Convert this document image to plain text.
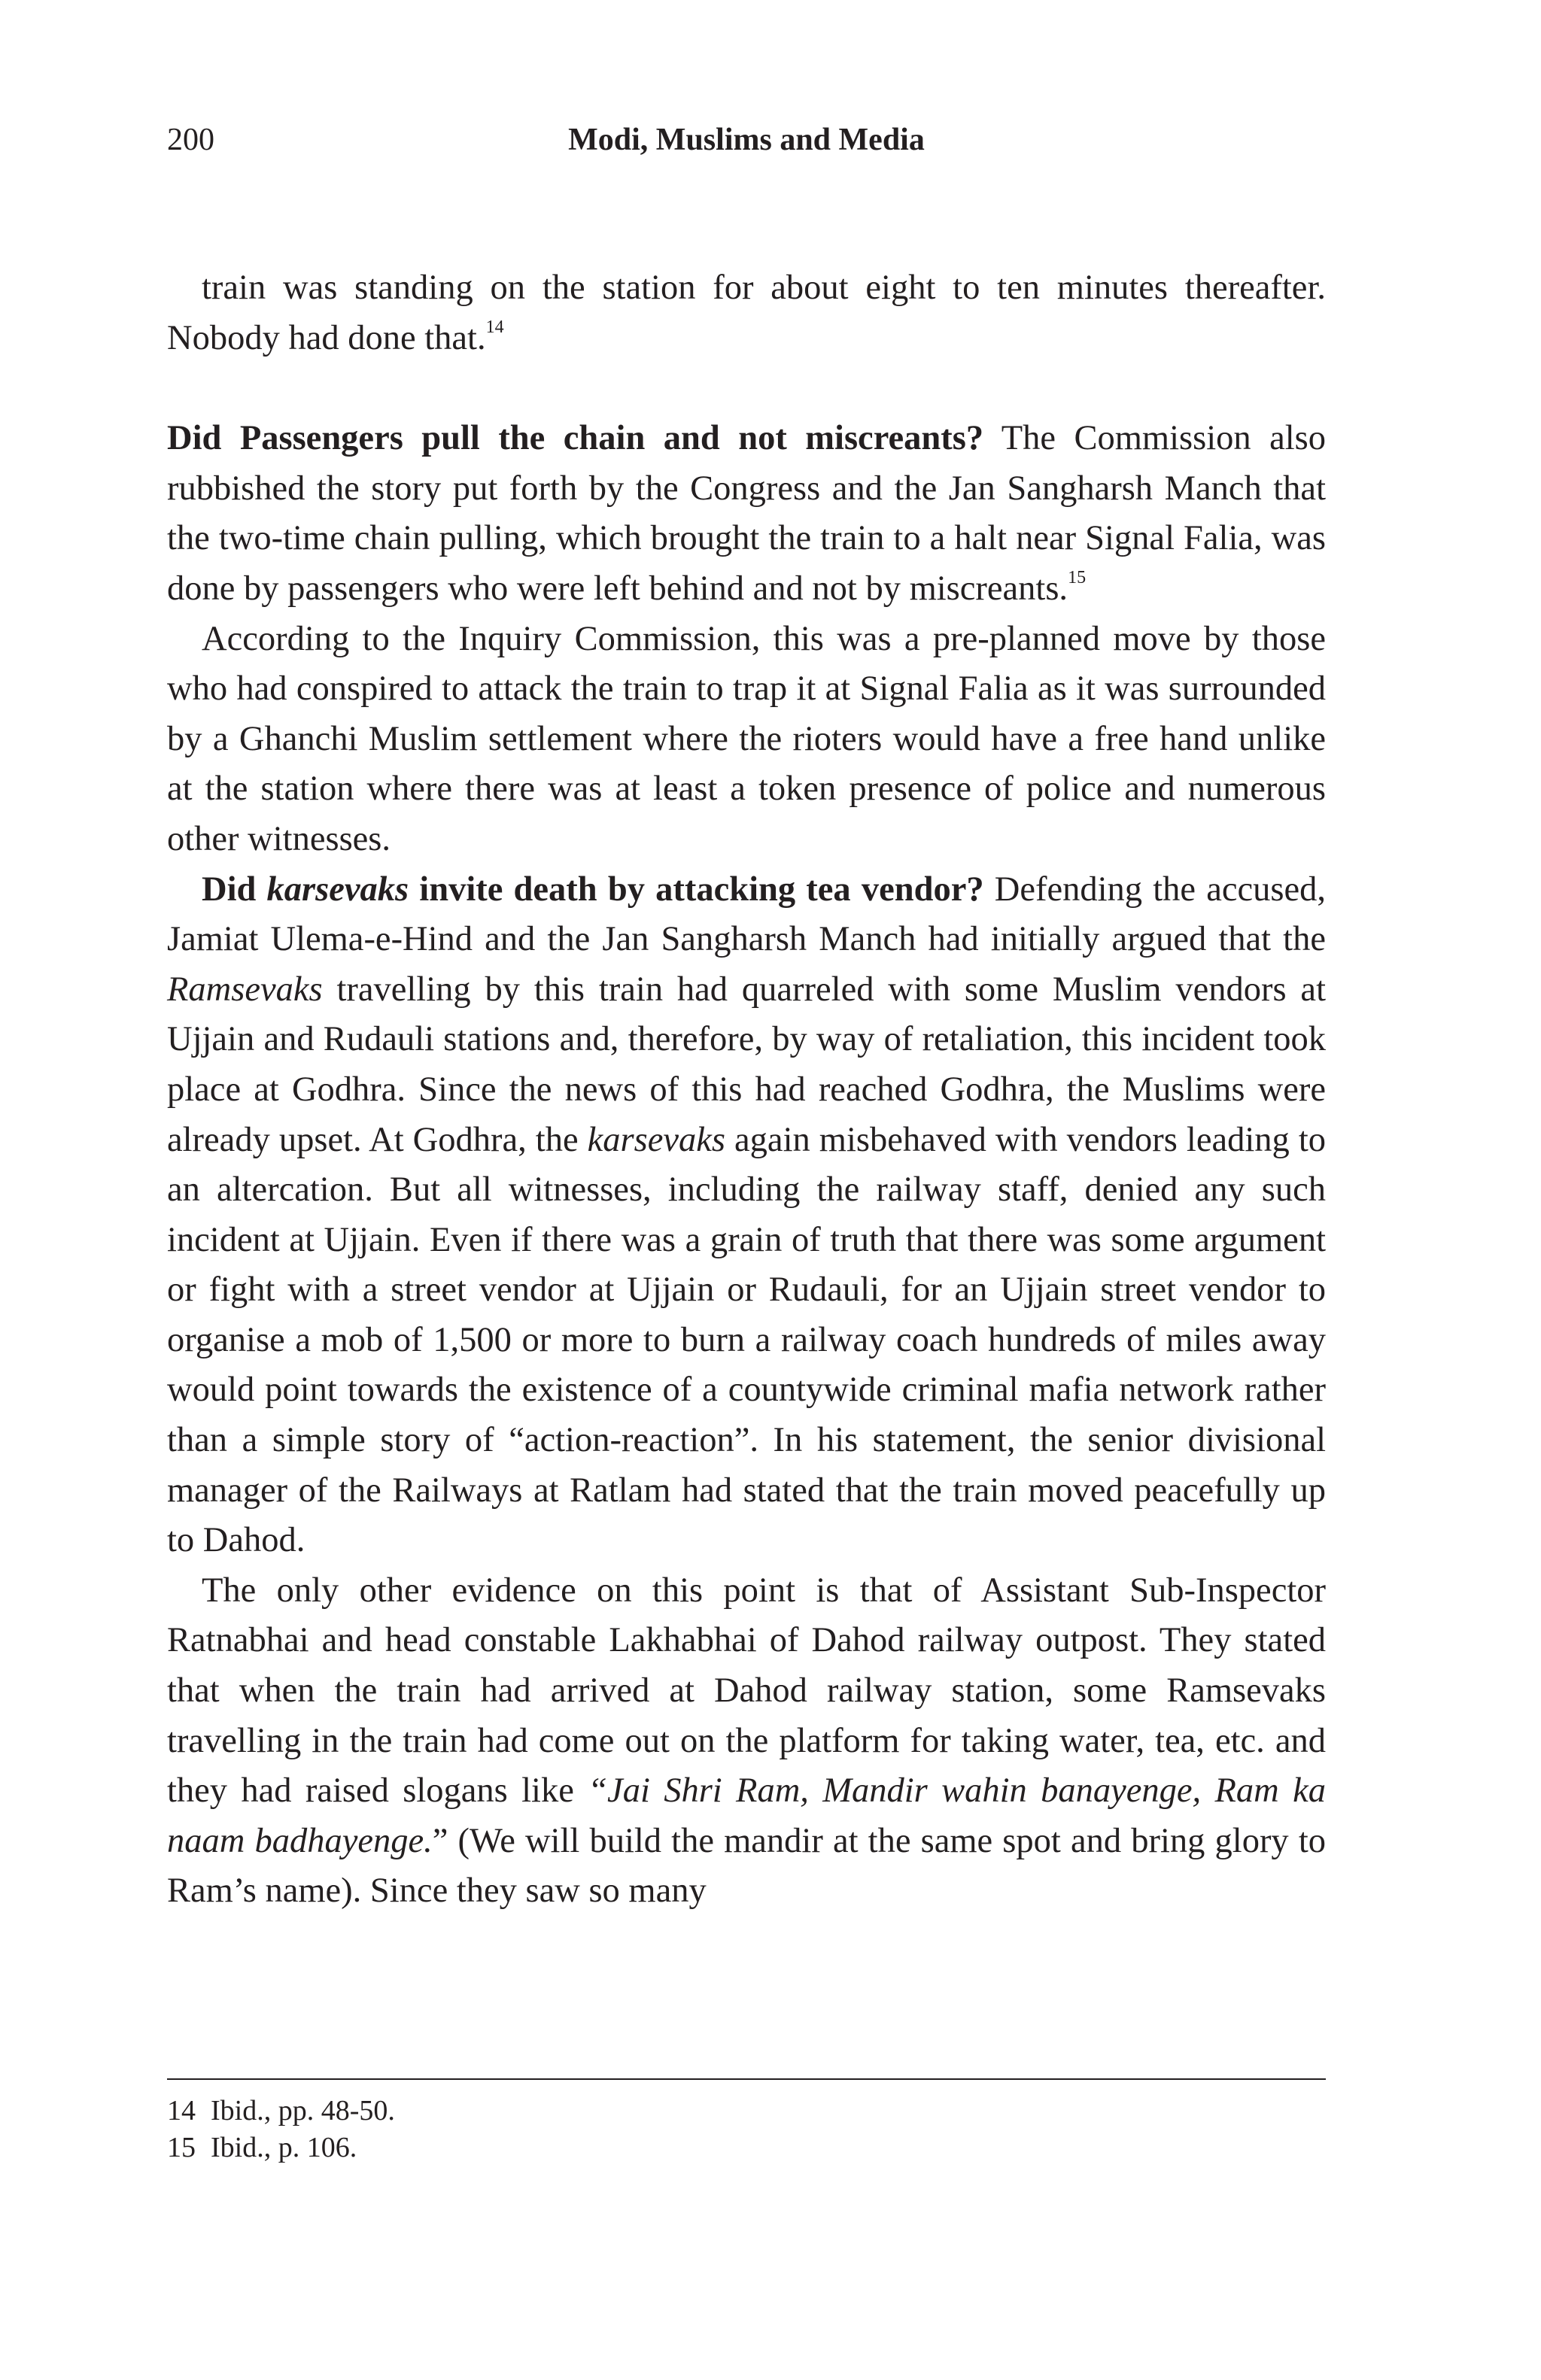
200	Modi, Muslims and Media

train was standing on the station for about eight to ten minutes thereafter. Nobody had done that.$^{14}$

Did Passengers pull the chain and not miscreants? The Commission also rubbished the story put forth by the Congress and the Jan Sangharsh Manch that the two-time chain pulling, which brought the train to a halt near Signal Falia, was done by passengers who were left behind and not by miscreants.$^{15}$

According to the Inquiry Commission, this was a pre-planned move by those who had conspired to attack the train to trap it at Signal Falia as it was surrounded by a Ghanchi Muslim settlement where the rioters would have a free hand unlike at the station where there was at least a token presence of police and numerous other witnesses.

Did karsevaks invite death by attacking tea vendor? Defending the accused, Jamiat Ulema-e-Hind and the Jan Sangharsh Manch had initially argued that the Ramsevaks travelling by this train had quarreled with some Muslim vendors at Ujjain and Rudauli stations and, therefore, by way of retaliation, this incident took place at Godhra. Since the news of this had reached Godhra, the Muslims were already upset. At Godhra, the karsevaks again misbehaved with vendors leading to an altercation. But all witnesses, including the railway staff, denied any such incident at Ujjain. Even if there was a grain of truth that there was some argument or fight with a street vendor at Ujjain or Rudauli, for an Ujjain street vendor to organise a mob of 1,500 or more to burn a railway coach hundreds of miles away would point towards the existence of a countywide criminal mafia network rather than a simple story of “action-reaction”. In his statement, the senior divisional manager of the Railways at Ratlam had stated that the train moved peacefully up to Dahod.

The only other evidence on this point is that of Assistant Sub-Inspector Ratnabhai and head constable Lakhabhai of Dahod railway outpost. They stated that when the train had arrived at Dahod railway station, some Ramsevaks travelling in the train had come out on the platform for taking water, tea, etc. and they had raised slogans like “Jai Shri Ram, Mandir wahin banayenge, Ram ka naam badhayenge.” (We will build the mandir at the same spot and bring glory to Ram’s name). Since they saw so many

14 Ibid., pp. 48-50.

15 Ibid., p. 106.
